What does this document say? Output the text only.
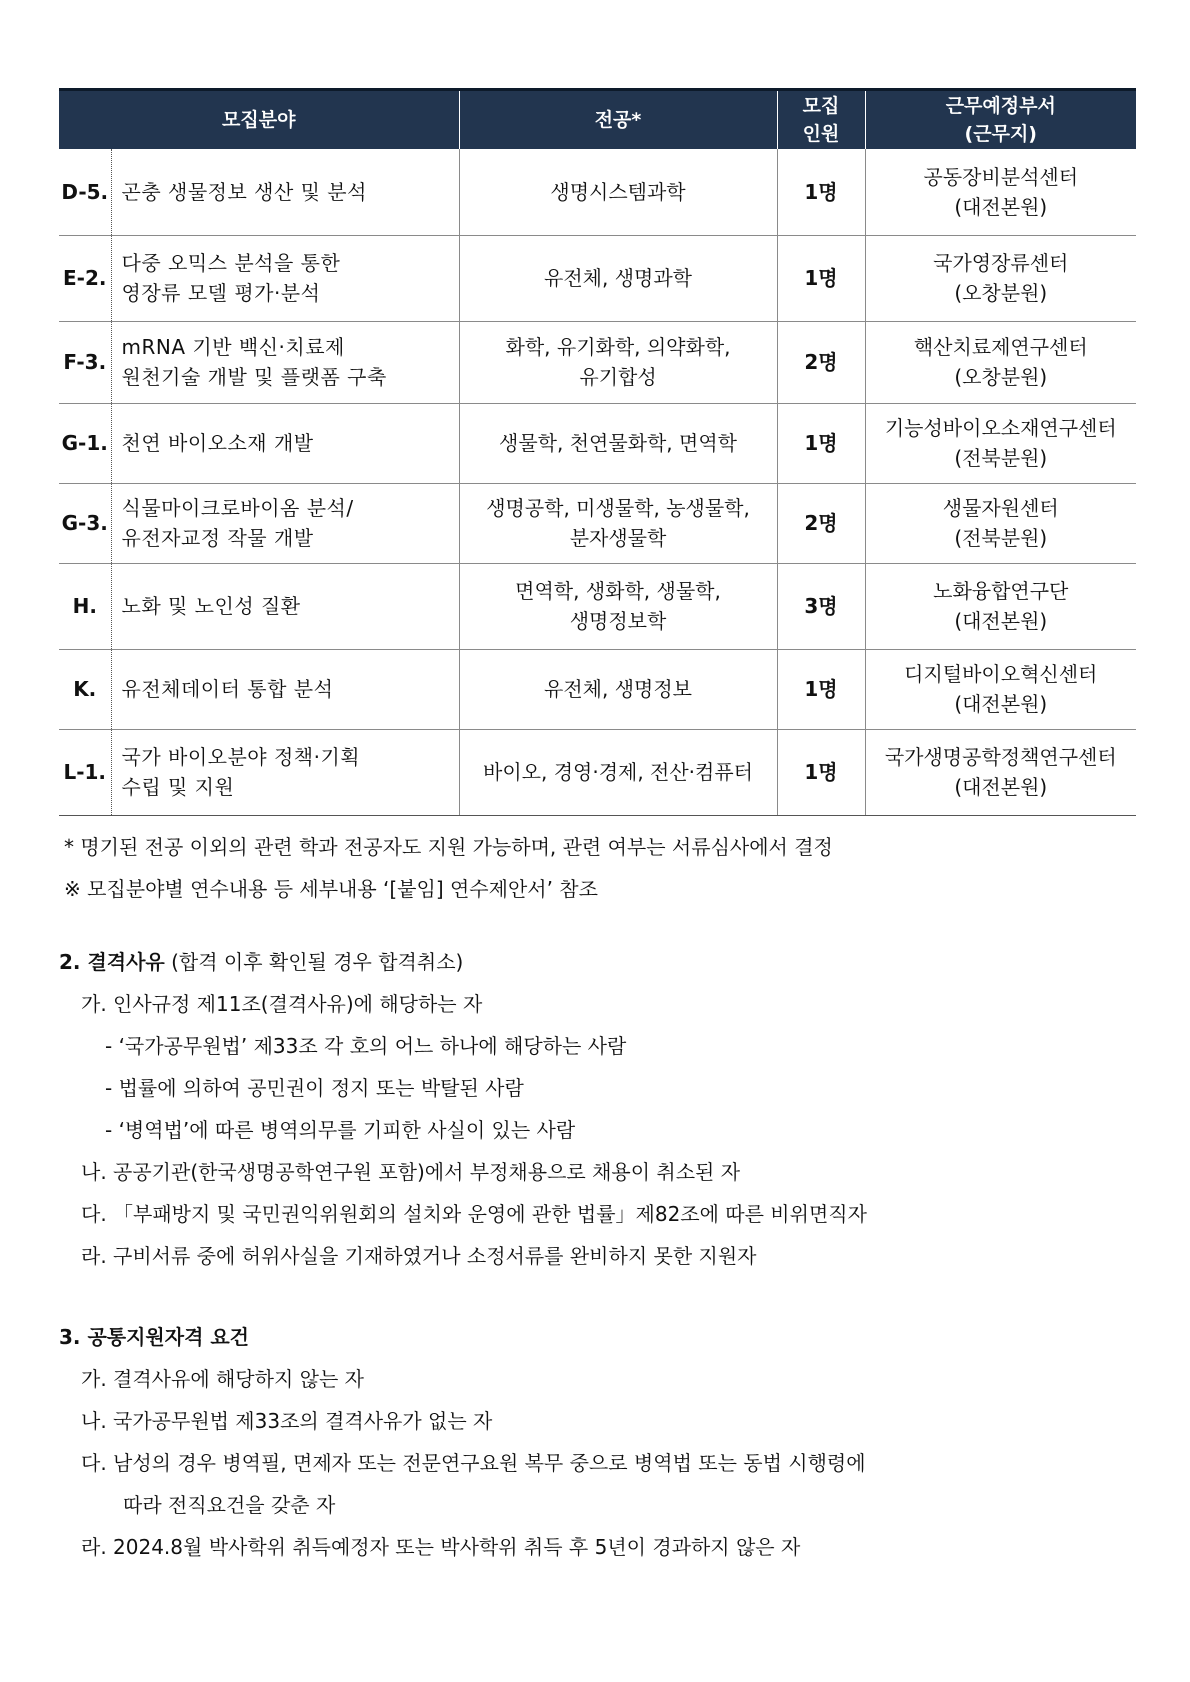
모집분야		전공*	모집
인원	근무예정부서
(근무지)

D-5.	곤충 생물정보 생산 및 분석	생명시스템과학	1명	공동장비분석센터
(대전본원)

E-2.	다중 오믹스 분석을 통한
영장류 모델 평가·분석	유전체, 생명과학	1명	국가영장류센터
(오창분원)

F-3.	mRNA 기반 백신·치료제
원천기술 개발 및 플랫폼 구축	화학, 유기화학, 의약화학,
유기합성	2명	핵산치료제연구센터
(오창분원)

G-1.	천연 바이오소재 개발	생물학, 천연물화학, 면역학	1명	기능성바이오소재연구센터
(전북분원)

G-3.	식물마이크로바이옴 분석/
유전자교정 작물 개발	생명공학, 미생물학, 농생물학,
분자생물학	2명	생물자원센터
(전북분원)

H.	노화 및 노인성 질환	면역학, 생화학, 생물학,
생명정보학	3명	노화융합연구단
(대전본원)

K.	유전체데이터 통합 분석	유전체, 생명정보	1명	디지털바이오혁신센터
(대전본원)

L-1.	국가 바이오분야 정책·기획
수립 및 지원	바이오, 경영·경제, 전산·컴퓨터	1명	국가생명공학정책연구센터
(대전본원)

* 명기된 전공 이외의 관련 학과 전공자도 지원 가능하며, 관련 여부는 서류심사에서 결정

※ 모집분야별 연수내용 등 세부내용 ‘[붙임] 연수제안서’ 참조

2. 결격사유 (합격 이후 확인될 경우 합격취소)

가. 인사규정 제11조(결격사유)에 해당하는 자

- ‘국가공무원법’ 제33조 각 호의 어느 하나에 해당하는 사람

- 법률에 의하여 공민권이 정지 또는 박탈된 사람

- ‘병역법’에 따른 병역의무를 기피한 사실이 있는 사람

나. 공공기관(한국생명공학연구원 포함)에서 부정채용으로 채용이 취소된 자

다. 「부패방지 및 국민권익위원회의 설치와 운영에 관한 법률」제82조에 따른 비위면직자

라. 구비서류 중에 허위사실을 기재하였거나 소정서류를 완비하지 못한 지원자

3. 공통지원자격 요건

가. 결격사유에 해당하지 않는 자

나. 국가공무원법 제33조의 결격사유가 없는 자

다. 남성의 경우 병역필, 면제자 또는 전문연구요원 복무 중으로 병역법 또는 동법 시행령에

따라 전직요건을 갖춘 자

라. 2024.8월 박사학위 취득예정자 또는 박사학위 취득 후 5년이 경과하지 않은 자
